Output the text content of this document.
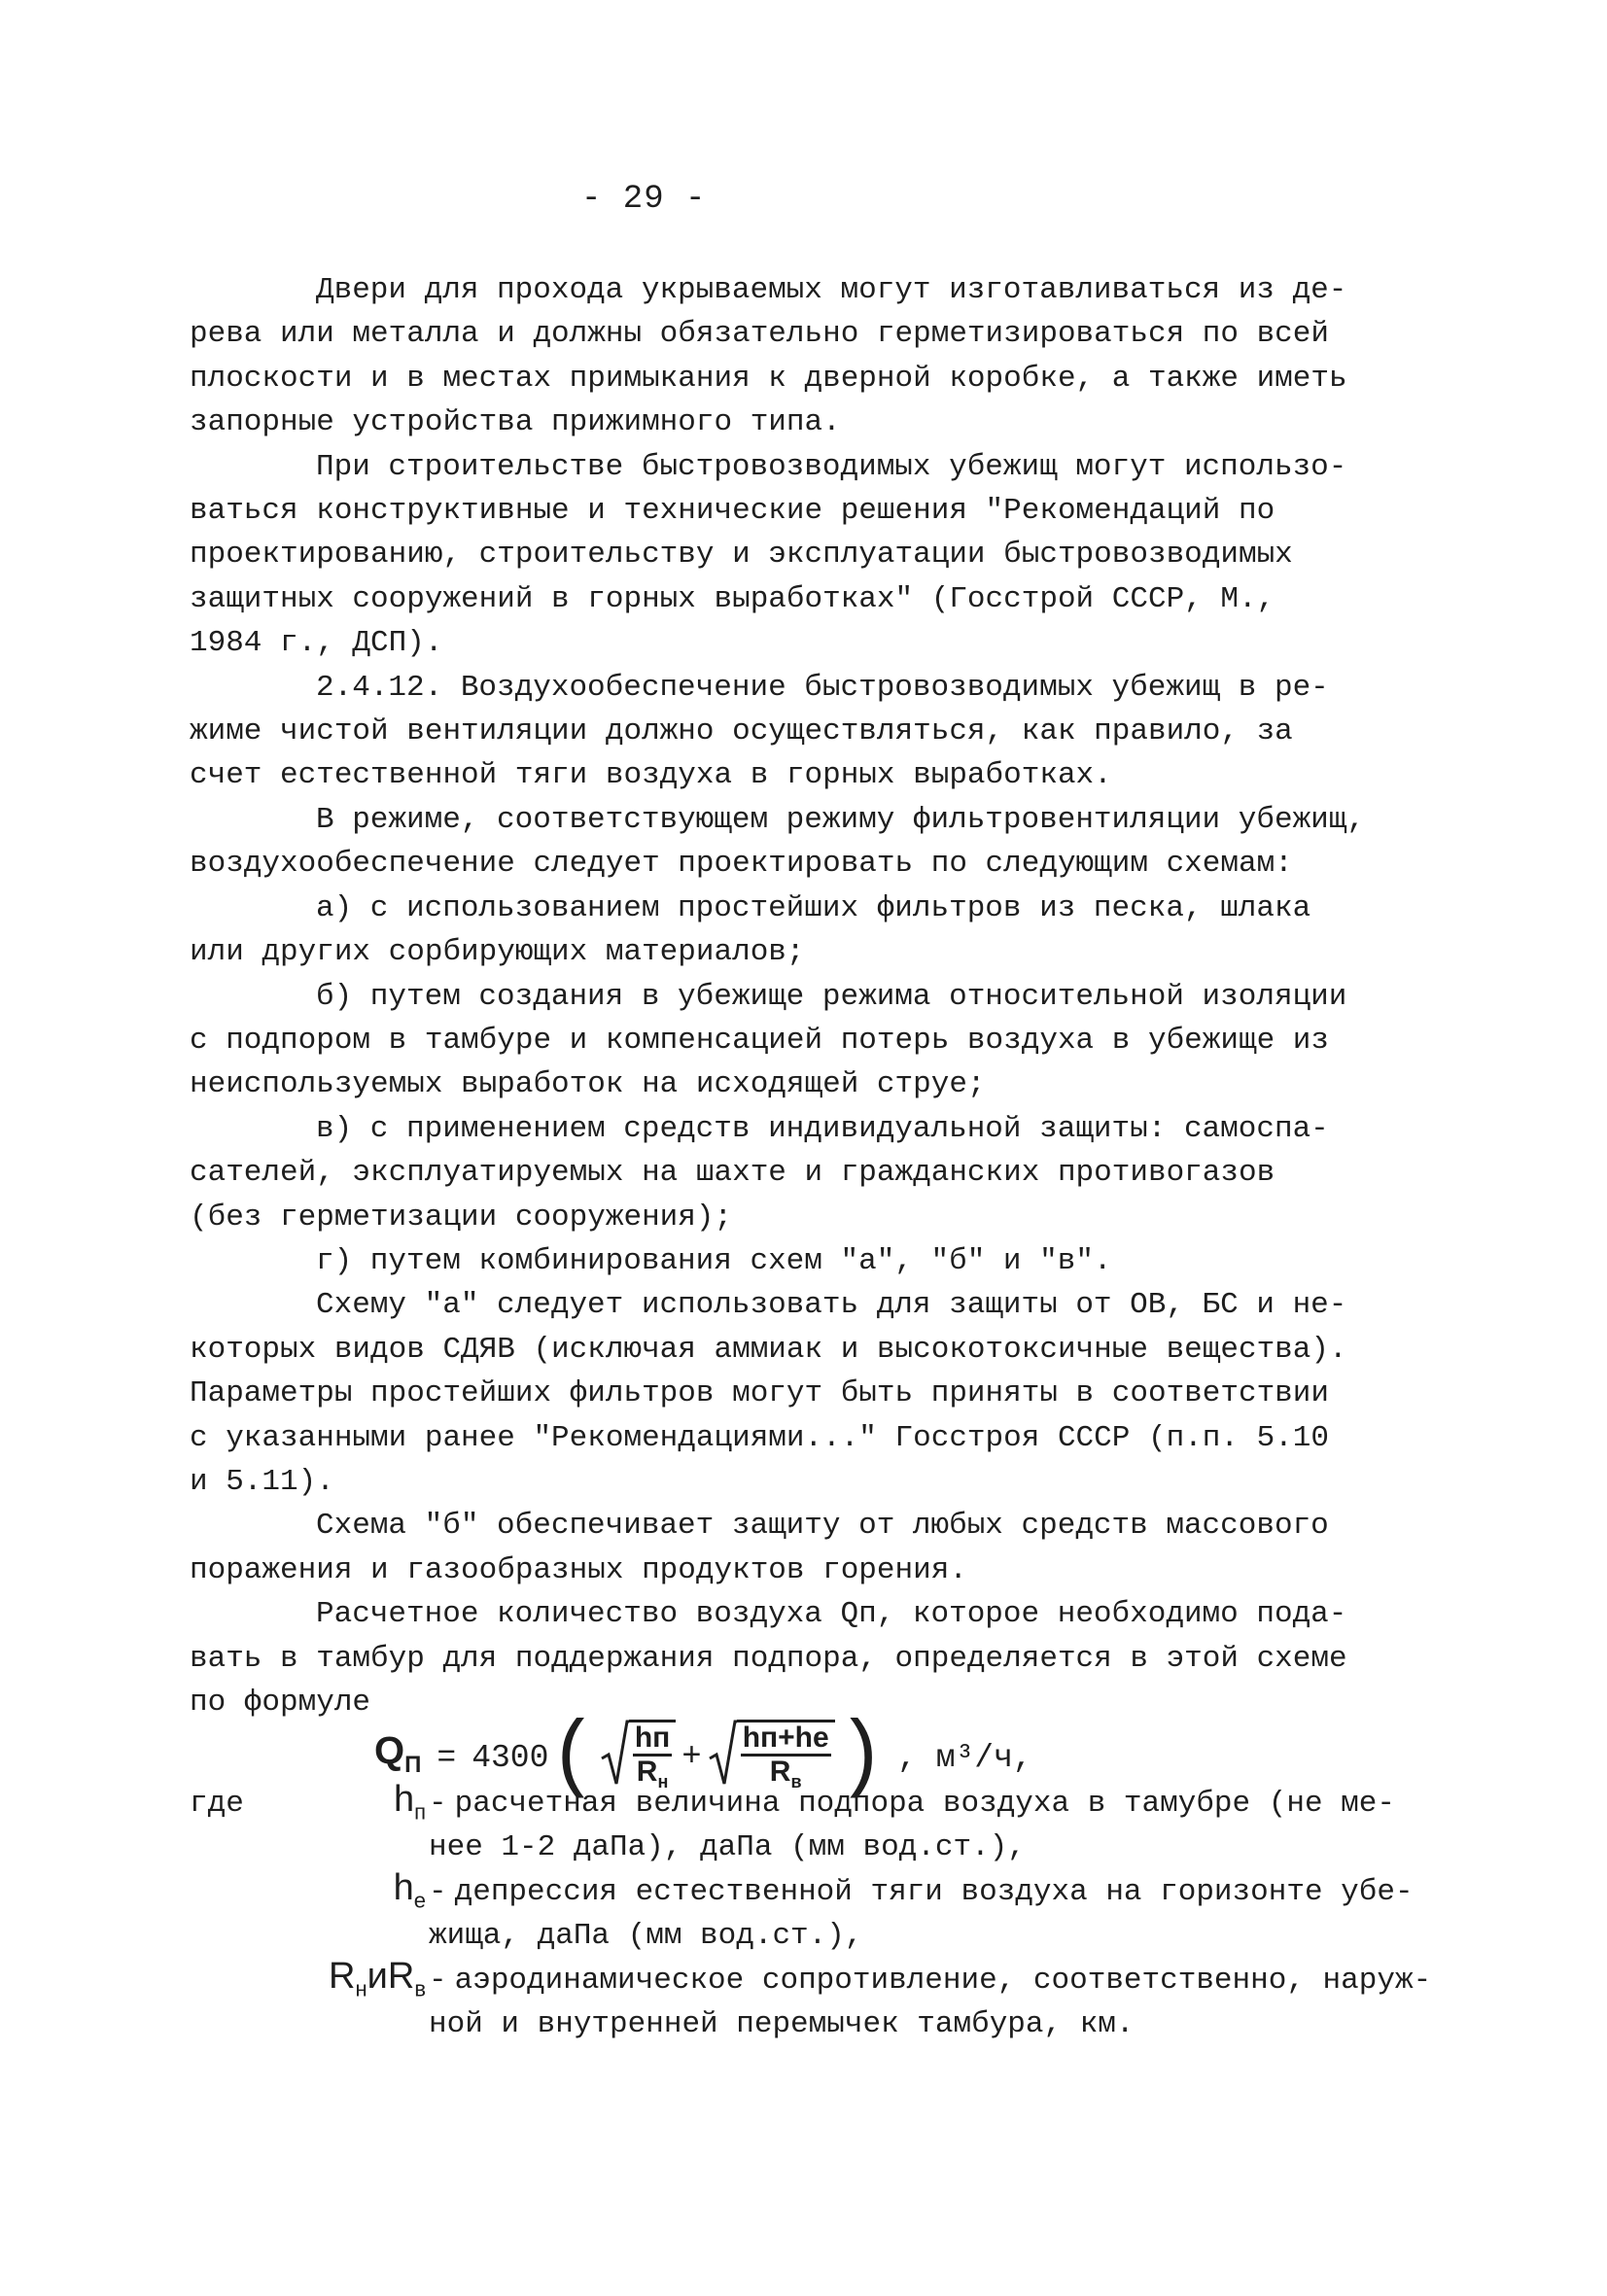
- 29 -
Двери для прохода укрываемых могут изготавливаться из де-
рева или металла и должны обязательно герметизироваться по всей
плоскости и в местах примыкания к дверной коробке, а также иметь
запорные устройства прижимного типа.
При строительстве быстровозводимых убежищ могут использо-
ваться конструктивные и технические решения "Рекомендаций по
проектированию, строительству и эксплуатации быстровозводимых
защитных сооружений в горных выработках" (Госстрой СССР, М.,
1984 г., ДСП).
2.4.12. Воздухообеспечение быстровозводимых убежищ в ре-
жиме чистой вентиляции должно осуществляться, как правило, за
счет естественной тяги воздуха в горных выработках.
В режиме, соответствующем режиму фильтровентиляции убежищ,
воздухообеспечение следует проектировать по следующим схемам:
а) с использованием простейших фильтров из песка, шлака
или других сорбирующих материалов;
б) путем создания в убежище режима относительной изоляции
с подпором в тамбуре и компенсацией потерь воздуха в убежище из
неиспользуемых выработок на исходящей струе;
в) с применением средств индивидуальной защиты: самоспа-
сателей, эксплуатируемых на шахте и гражданских противогазов
(без герметизации сооружения);
г) путем комбинирования схем "а", "б" и "в".
Схему "а" следует использовать для защиты от ОВ, БС и не-
которых видов СДЯВ (исключая аммиак и высокотоксичные вещества).
Параметры простейших фильтров могут быть приняты в соответствии
с указанными ранее "Рекомендациями..." Госстроя СССР (п.п. 5.10
и 5.11).
Схема "б" обеспечивает защиту от любых средств массового
поражения и газообразных продуктов горения.
Расчетное количество воздуха Qп, которое необходимо пода-
вать в тамбур для поддержания подпора, определяется в этой схеме
по формуле
$Q_П = 4300$ ( $\frac{hп}{R_н} + \frac{hп+hе}{R_в}$ ) , м³/ч,
где	$h_п$ - расчетная величина подпора воздуха в тамубре (не ме-
нее 1-2 даПа), даПа (мм вод.ст.),
$h_е$ - депрессия естественной тяги воздуха на горизонте убе-
жища, даПа (мм вод.ст.),
$R_ниR_в$ - аэродинамическое сопротивление, соответственно, наруж-
ной и внутренней перемычек тамбура, км.
